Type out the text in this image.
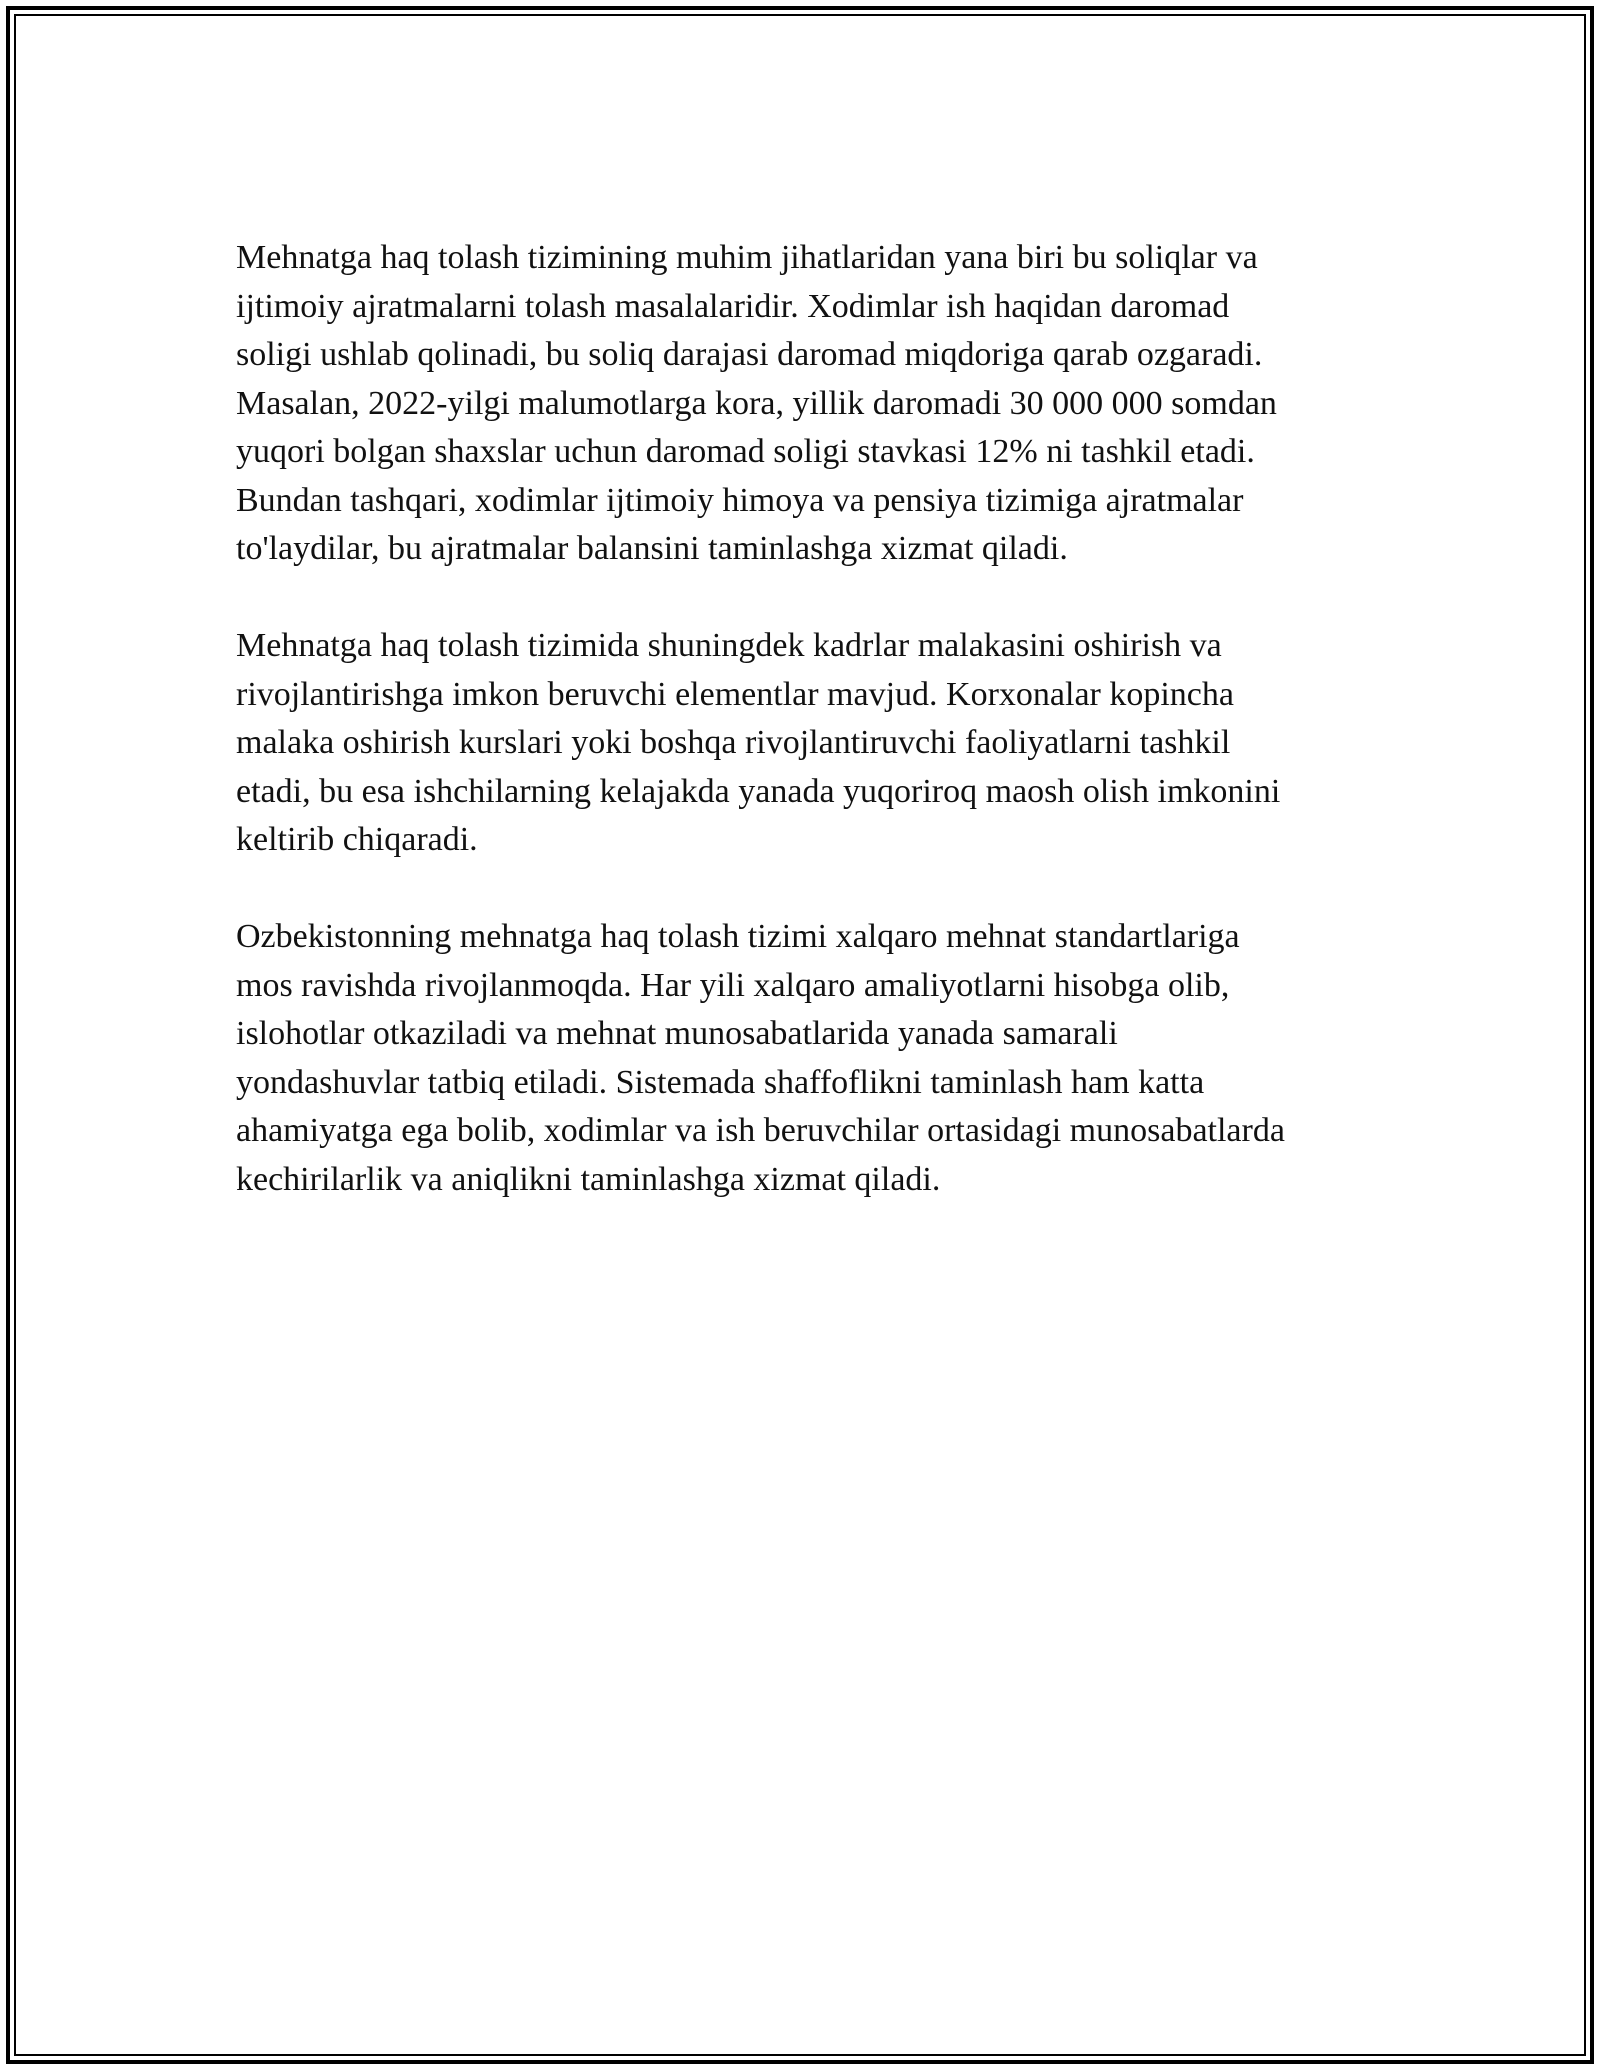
Mehnatga haq tolash tizimining muhim jihatlaridan yana biri bu soliqlar va
ijtimoiy ajratmalarni tolash masalalaridir. Xodimlar ish haqidan daromad
soligi ushlab qolinadi, bu soliq darajasi daromad miqdoriga qarab ozgaradi.
Masalan, 2022-yilgi malumotlarga kora, yillik daromadi 30 000 000 somdan
yuqori bolgan shaxslar uchun daromad soligi stavkasi 12% ni tashkil etadi.
Bundan tashqari, xodimlar ijtimoiy himoya va pensiya tizimiga ajratmalar
to'laydilar, bu ajratmalar balansini taminlashga xizmat qiladi.
Mehnatga haq tolash tizimida shuningdek kadrlar malakasini oshirish va
rivojlantirishga imkon beruvchi elementlar mavjud. Korxonalar kopincha
malaka oshirish kurslari yoki boshqa rivojlantiruvchi faoliyatlarni tashkil
etadi, bu esa ishchilarning kelajakda yanada yuqoriroq maosh olish imkonini
keltirib chiqaradi.
Ozbekistonning mehnatga haq tolash tizimi xalqaro mehnat standartlariga
mos ravishda rivojlanmoqda. Har yili xalqaro amaliyotlarni hisobga olib,
islohotlar otkaziladi va mehnat munosabatlarida yanada samarali
yondashuvlar tatbiq etiladi. Sistemada shaffoflikni taminlash ham katta
ahamiyatga ega bolib, xodimlar va ish beruvchilar ortasidagi munosabatlarda
kechirilarlik va aniqlikni taminlashga xizmat qiladi.
